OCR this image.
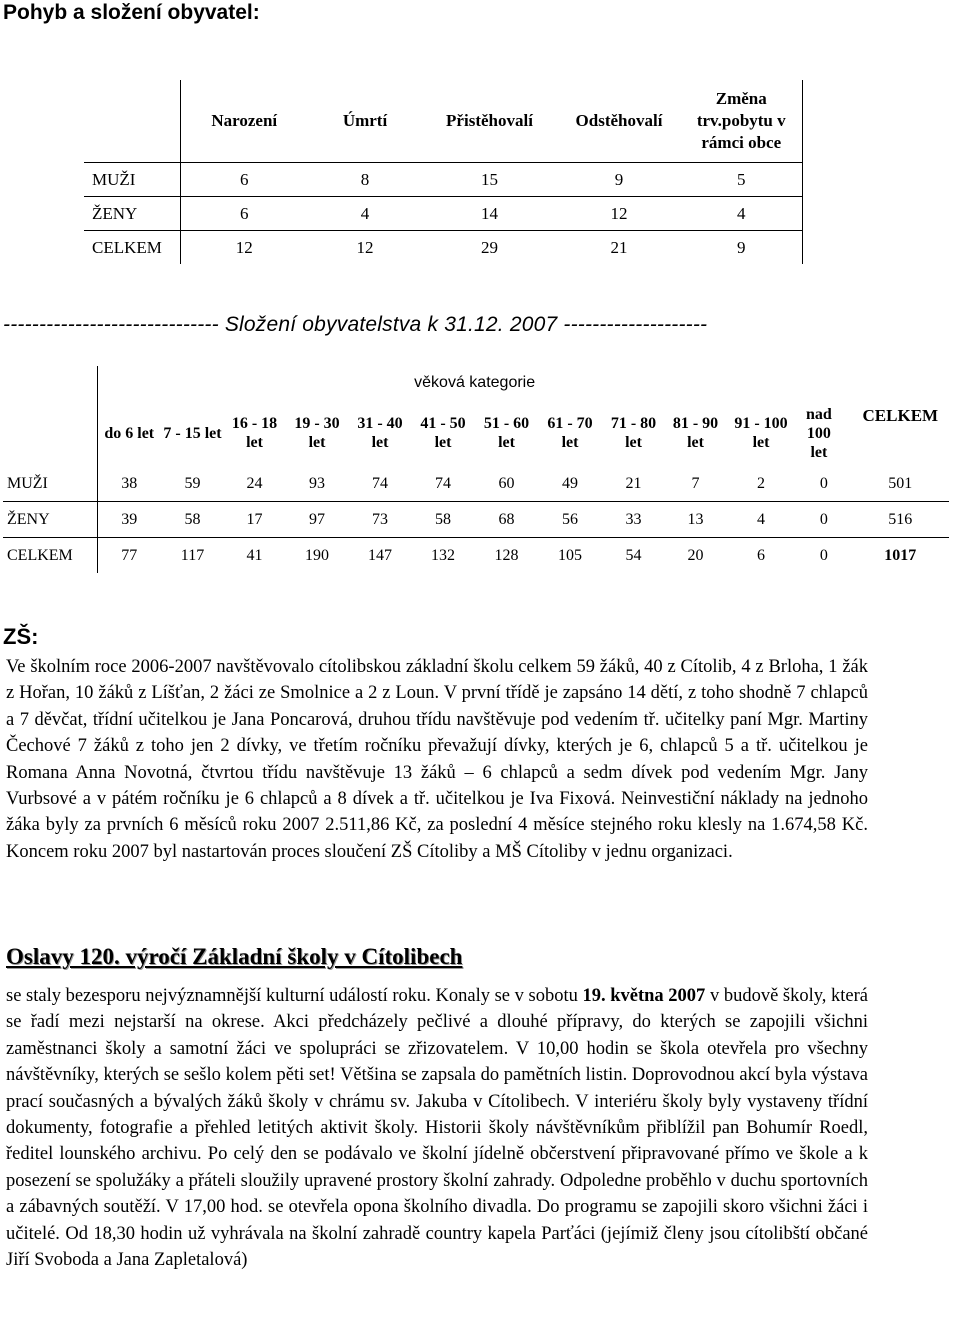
Pohyb a složení obyvatel:
	Narození	Úmrtí	Přistěhovalí	Odstěhovalí	Změna trv.pobytu v rámci obce
MUŽI	6	8	15	9	5
ŽENY	6	4	14	12	4
CELKEM	12	12	29	21	9
------------------------------ Složení obyvatelstva k 31.12. 2007 --------------------
	věková kategorie												CELKEM
	do 6 let	7 - 15 let	16 - 18 let	19 - 30 let	31 - 40 let	41 - 50 let	51 - 60 let	61 - 70 let	71 - 80 let	81 - 90 let	91 - 100 let	nad 100 let	
MUŽI	38	59	24	93	74	74	60	49	21	7	2	0	501
ŽENY	39	58	17	97	73	58	68	56	33	13	4	0	516
CELKEM	77	117	41	190	147	132	128	105	54	20	6	0	1017
ZŠ:

Ve školním roce 2006-2007 navštěvovalo cítolibskou základní školu celkem 59 žáků, 40 z Cítolib, 4 z Brloha, 1 žák z Hořan, 10 žáků z Líšťan, 2 žáci ze Smolnice a 2 z Loun. V první třídě je zapsáno 14 dětí, z toho shodně 7 chlapců a 7 děvčat, třídní učitelkou je Jana Poncarová, druhou třídu navštěvuje pod vedením tř. učitelky paní Mgr. Martiny Čechové 7 žáků z toho jen 2 dívky, ve třetím ročníku převažují dívky, kterých je 6, chlapců 5 a tř. učitelkou je Romana Anna Novotná, čtvrtou třídu navštěvuje 13 žáků – 6 chlapců a sedm dívek pod vedením Mgr. Jany Vurbsové a v pátém ročníku je 6 chlapců a 8 dívek a tř. učitelkou je Iva Fixová. Neinvestiční náklady na jednoho žáka byly za prvních 6 měsíců roku 2007 2.511,86 Kč, za poslední 4 měsíce stejného roku klesly na 1.674,58 Kč. Koncem roku 2007 byl nastartován proces sloučení ZŠ Cítoliby a MŠ Cítoliby v jednu organizaci.

Oslavy 120. výročí Základní školy v Cítolibech

se staly bezesporu nejvýznamnější kulturní událostí roku. Konaly se v sobotu 19. května 2007 v budově školy, která se řadí mezi nejstarší na okrese. Akci předcházely pečlivé a dlouhé přípravy, do kterých se zapojili všichni zaměstnanci školy a samotní žáci ve spolupráci se zřizovatelem. V 10,00 hodin se škola otevřela pro všechny návštěvníky, kterých se sešlo kolem pěti set! Většina se zapsala do pamětních listin. Doprovodnou akcí byla výstava prací současných a bývalých žáků školy v chrámu sv. Jakuba v Cítolibech. V interiéru školy byly vystaveny třídní dokumenty, fotografie a přehled letitých aktivit školy. Historii školy návštěvníkům přiblížil pan Bohumír Roedl, ředitel lounského archivu. Po celý den se podávalo ve školní jídelně občerstvení připravované přímo ve škole a k posezení se spolužáky a přáteli sloužily upravené prostory školní zahrady. Odpoledne proběhlo v duchu sportovních a zábavných soutěží. V 17,00 hod. se otevřela opona školního divadla. Do programu se zapojili skoro všichni žáci i učitelé. Od 18,30 hodin už vyhrávala na školní zahradě country kapela Parťáci (jejímiž členy jsou cítolibští občané Jiří Svoboda a Jana Zapletalová)
